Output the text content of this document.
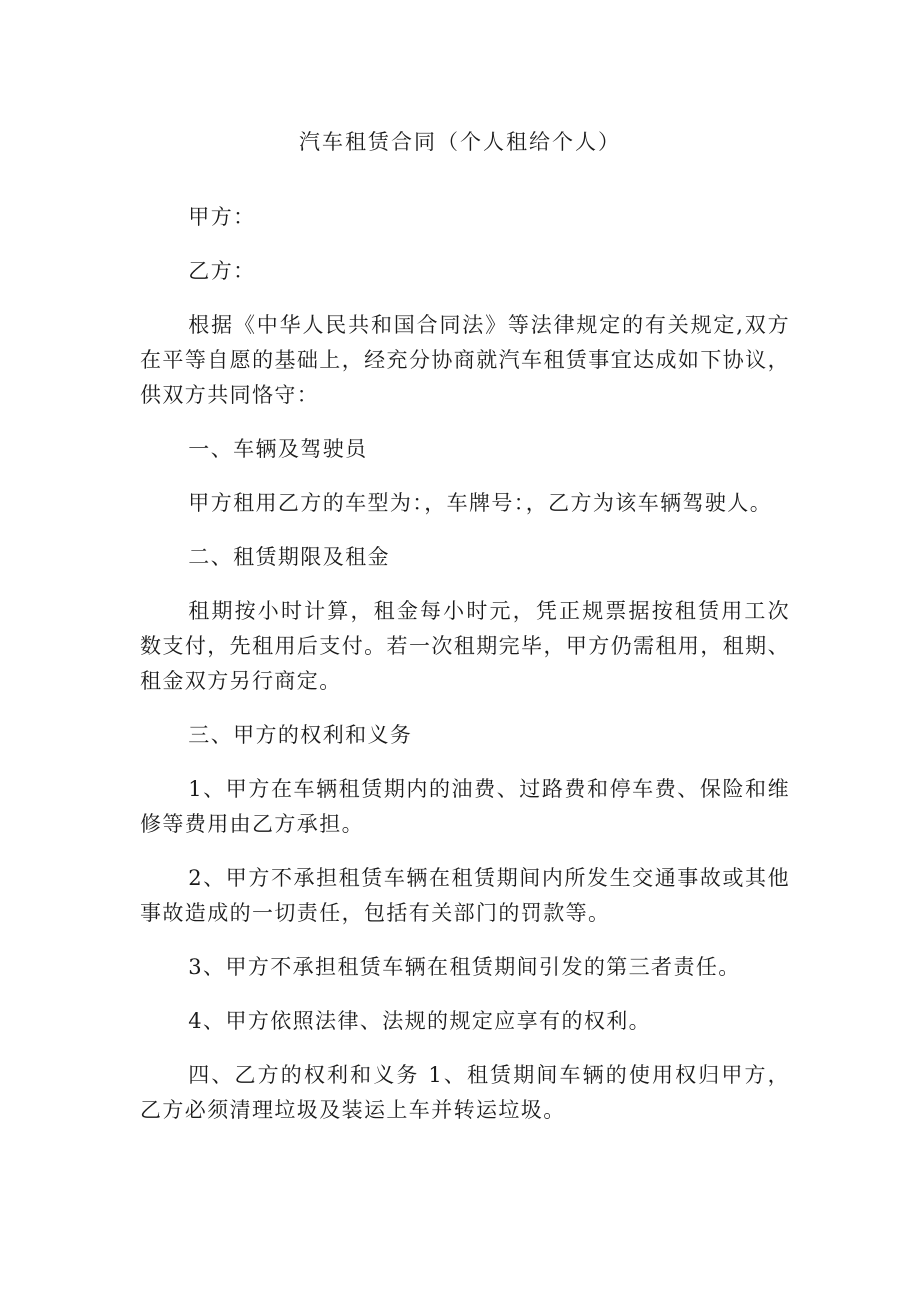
汽车租赁合同（个人租给个人）

甲方：

乙方：

根据《中华人民共和国合同法》等法律规定的有关规定,双方在平等自愿的基础上，经充分协商就汽车租赁事宜达成如下协议，供双方共同恪守：

一、车辆及驾驶员

甲方租用乙方的车型为：，车牌号：，乙方为该车辆驾驶人。

二、租赁期限及租金

租期按小时计算，租金每小时元，凭正规票据按租赁用工次数支付，先租用后支付。若一次租期完毕，甲方仍需租用，租期、租金双方另行商定。

三、甲方的权利和义务

1、甲方在车辆租赁期内的油费、过路费和停车费、保险和维修等费用由乙方承担。

2、甲方不承担租赁车辆在租赁期间内所发生交通事故或其他事故造成的一切责任，包括有关部门的罚款等。

3、甲方不承担租赁车辆在租赁期间引发的第三者责任。

4、甲方依照法律、法规的规定应享有的权利。

四、乙方的权利和义务 1、租赁期间车辆的使用权归甲方，乙方必须清理垃圾及装运上车并转运垃圾。
